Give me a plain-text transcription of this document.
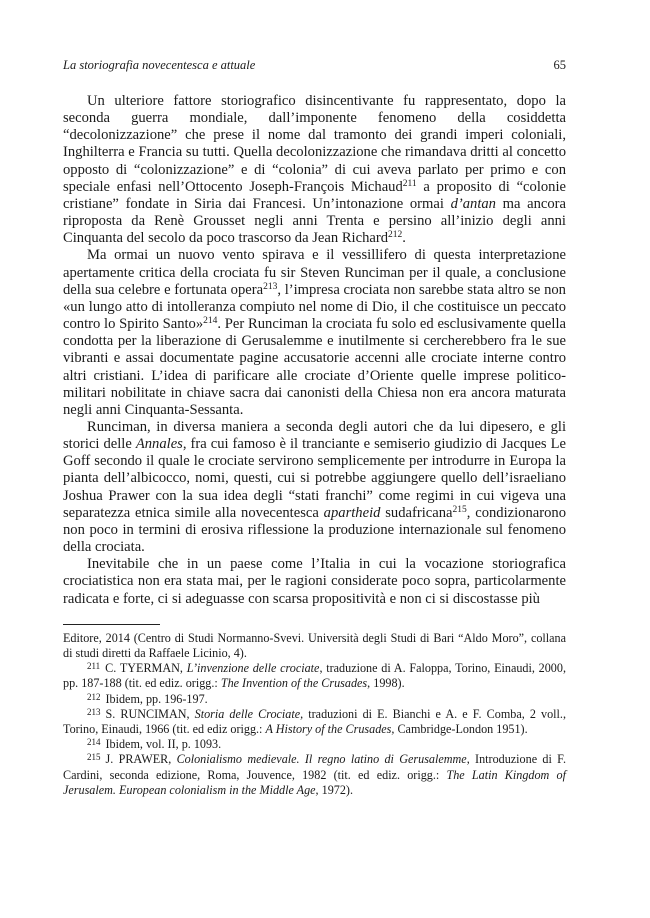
La storiografia novecentesca e attuale	65

Un ulteriore fattore storiografico disincentivante fu rappresentato, dopo la seconda guerra mondiale, dall’imponente fenomeno della cosiddetta “decolonizzazione” che prese il nome dal tramonto dei grandi imperi coloniali, Inghilterra e Francia su tutti. Quella decolonizzazione che rimandava dritti al concetto opposto di “colonizzazione” e di “colonia” di cui aveva parlato per primo e con speciale enfasi nell’Ottocento Joseph-François Michaud$^{211}$ a proposito di “colonie cristiane” fondate in Siria dai Francesi. Un’intonazione ormai d’antan ma ancora riproposta da Renè Grousset negli anni Trenta e persino all’inizio degli anni Cinquanta del secolo da poco trascorso da Jean Richard$^{212}$.

Ma ormai un nuovo vento spirava e il vessillifero di questa interpretazione apertamente critica della crociata fu sir Steven Runciman per il quale, a conclusione della sua celebre e fortunata opera$^{213}$, l’impresa crociata non sarebbe stata altro se non «un lungo atto di intolleranza compiuto nel nome di Dio, il che costituisce un peccato contro lo Spirito Santo»$^{214}$. Per Runciman la crociata fu solo ed esclusivamente quella condotta per la liberazione di Gerusalemme e inutilmente si cercherebbero fra le sue vibranti e assai documentate pagine accusatorie accenni alle crociate interne contro altri cristiani. L’idea di parificare alle crociate d’Oriente quelle imprese politico-militari nobilitate in chiave sacra dai canonisti della Chiesa non era ancora maturata negli anni Cinquanta-Sessanta.

Runciman, in diversa maniera a seconda degli autori che da lui dipesero, e gli storici delle Annales, fra cui famoso è il tranciante e semiserio giudizio di Jacques Le Goff secondo il quale le crociate servirono semplicemente per introdurre in Europa la pianta dell’albicocco, nomi, questi, cui si potrebbe aggiungere quello dell’israeliano Joshua Prawer con la sua idea degli “stati franchi” come regimi in cui vigeva una separatezza etnica simile alla novecentesca apartheid sudafricana$^{215}$, condizionarono non poco in termini di erosiva riflessione la produzione internazionale sul fenomeno della crociata.

Inevitabile che in un paese come l’Italia in cui la vocazione storiografica crociatistica non era stata mai, per le ragioni considerate poco sopra, particolarmente radicata e forte, ci si adeguasse con scarsa propositività e non ci si discostasse più

Editore, 2014 (Centro di Studi Normanno-Svevi. Università degli Studi di Bari “Aldo Moro”, collana di studi diretti da Raffaele Licinio, 4).

$^{211}$ C. TYERMAN, L’invenzione delle crociate, traduzione di A. Faloppa, Torino, Einaudi, 2000, pp. 187-188 (tit. ed ediz. origg.: The Invention of the Crusades, 1998).

$^{212}$ Ibidem, pp. 196-197.

$^{213}$ S. RUNCIMAN, Storia delle Crociate, traduzioni di E. Bianchi e A. e F. Comba, 2 voll., Torino, Einaudi, 1966 (tit. ed ediz origg.: A History of the Crusades, Cambridge-London 1951).

$^{214}$ Ibidem, vol. II, p. 1093.

$^{215}$ J. PRAWER, Colonialismo medievale. Il regno latino di Gerusalemme, Introduzione di F. Cardini, seconda edizione, Roma, Jouvence, 1982 (tit. ed ediz. origg.: The Latin Kingdom of Jerusalem. European colonialism in the Middle Age, 1972).
